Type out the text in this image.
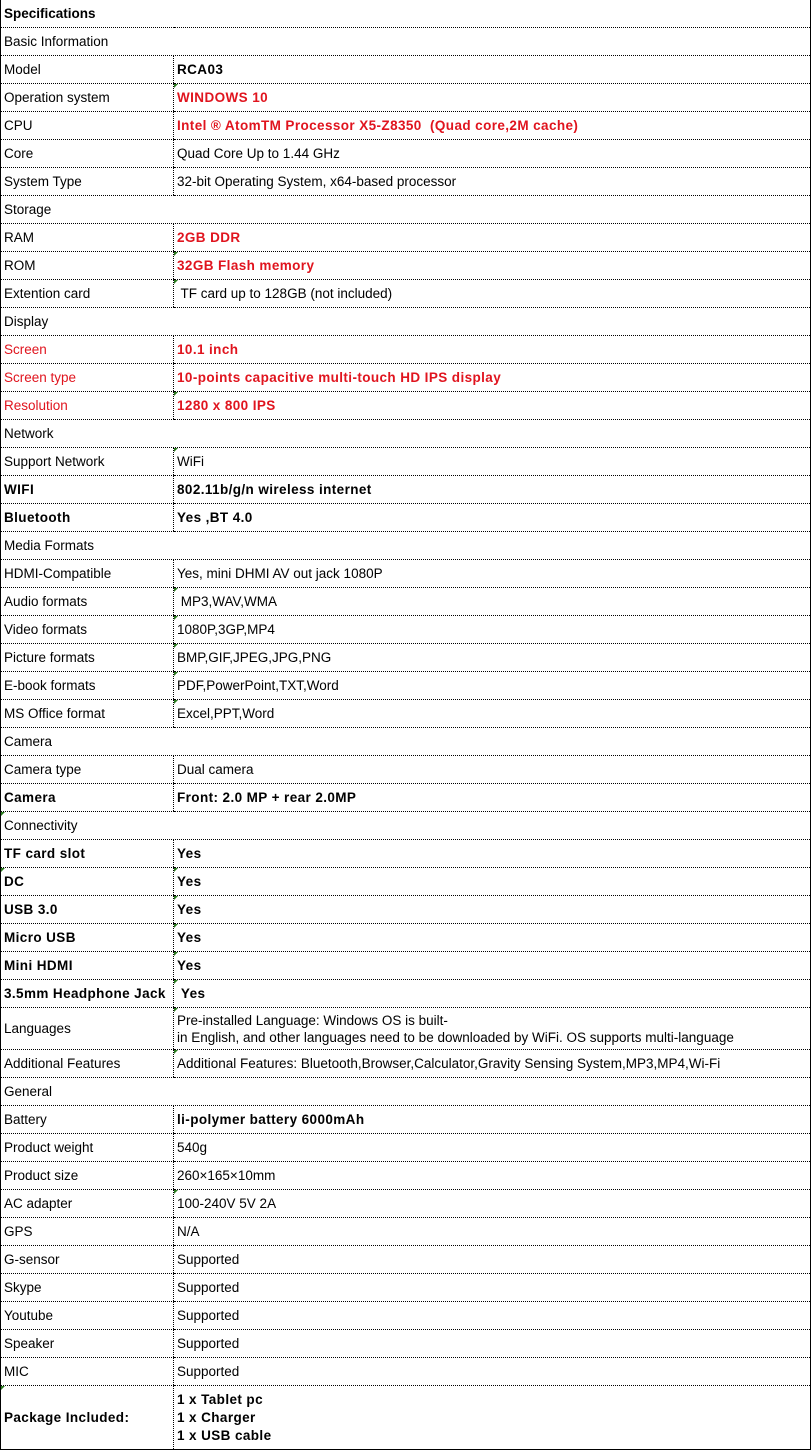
Specifications	
Basic Information	
Model	RCA03
Operation system	WINDOWS 10
CPU	Intel ® AtomTM Processor X5-Z8350  (Quad core,2M cache)
Core	Quad Core Up to 1.44 GHz
System Type	32-bit Operating System, x64-based processor
Storage	
RAM	2GB DDR
ROM	32GB Flash memory
Extention card	TF card up to 128GB (not included)
Display	
Screen	10.1 inch
Screen type	10-points capacitive multi-touch HD IPS display
Resolution	1280 x 800 IPS
Network	
Support Network	WiFi
WIFI	802.11b/g/n wireless internet
Bluetooth	Yes ,BT 4.0
Media Formats	
HDMI-Compatible	Yes, mini DHMI AV out jack 1080P
Audio formats	MP3,WAV,WMA
Video formats	1080P,3GP,MP4
Picture formats	BMP,GIF,JPEG,JPG,PNG
E-book formats	PDF,PowerPoint,TXT,Word
MS Office format	Excel,PPT,Word
Camera	
Camera type	Dual camera
Camera	Front: 2.0 MP + rear 2.0MP
Connectivity	
TF card slot	Yes
DC	Yes
USB 3.0	Yes
Micro USB	Yes
Mini HDMI	Yes
3.5mm Headphone Jack	Yes
Languages	Pre-installed Language: Windows OS is built-
in English, and other languages need to be downloaded by WiFi. OS supports multi-language

Additional Features	Additional Features: Bluetooth,Browser,Calculator,Gravity Sensing System,MP3,MP4,Wi-Fi
General	
Battery	li-polymer battery 6000mAh
Product weight	540g
Product size	260×165×10mm
AC adapter	100-240V 5V 2A
GPS	N/A
G-sensor	Supported
Skype	Supported
Youtube	Supported
Speaker	Supported
MIC	Supported
Package Included:	1 x Tablet pc
1 x Charger
1 x USB cable
